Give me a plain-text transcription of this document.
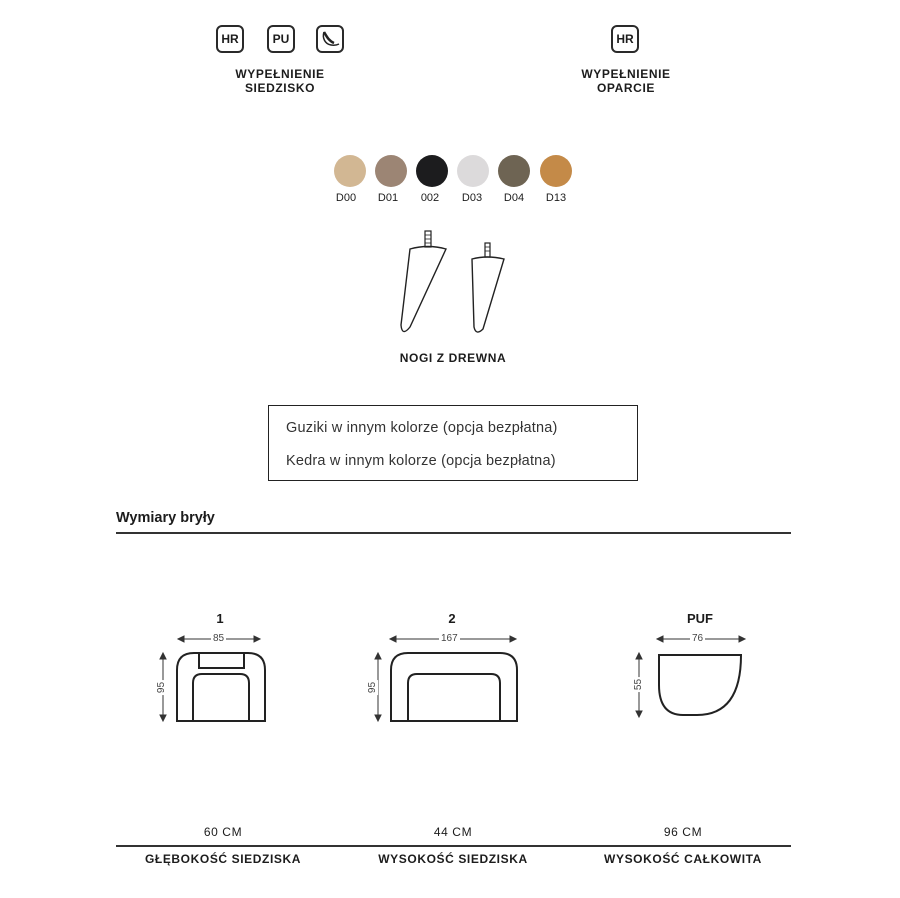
HR	PU
WYPEŁNIENIE
SIEDZISKO
HR
WYPEŁNIENIE
OPARCIE
D00	D01	002	D03	D04	D13
NOGI Z DREWNA
Guziki w innym kolorze (opcja bezpłatna)
Kedra w innym kolorze (opcja bezpłatna)
Wymiary bryły
1	2	PUF
85
95
167
95
76
55
60 CM	44 CM	96 CM
GŁĘBOKOŚĆ SIEDZISKA	WYSOKOŚĆ SIEDZISKA	WYSOKOŚĆ CAŁKOWITA
